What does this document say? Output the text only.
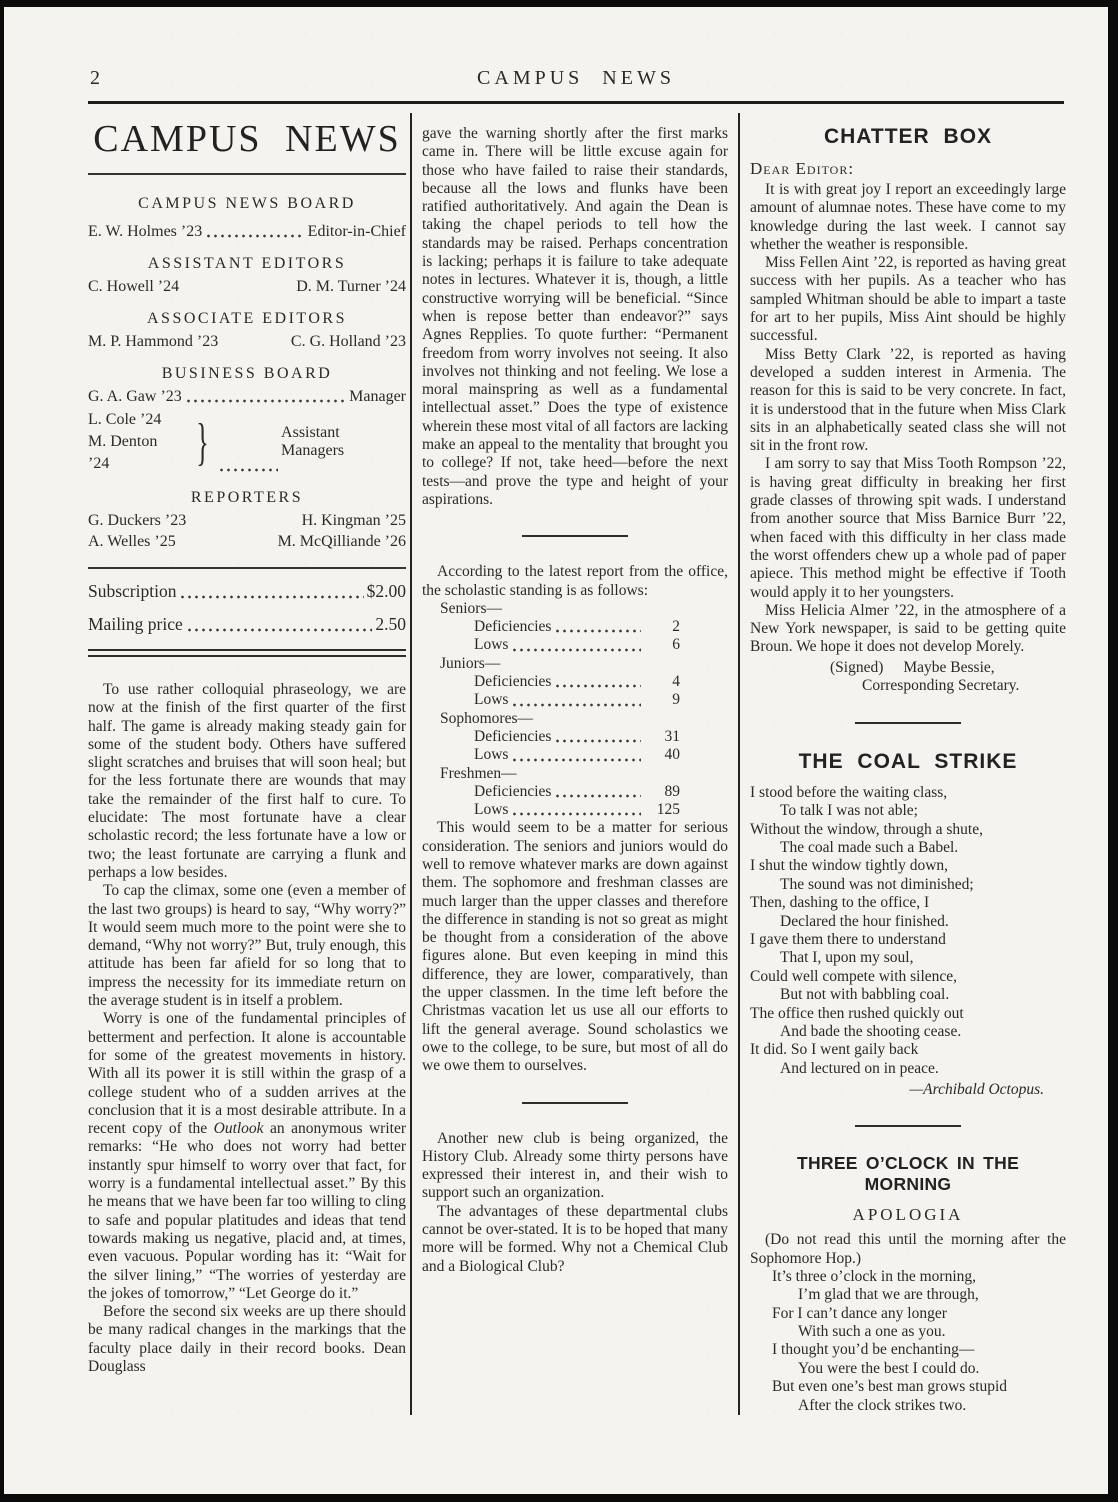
2	CAMPUS NEWS
CAMPUS NEWS
CAMPUS NEWS BOARD
E. W. Holmes ’23	Editor-in-Chief
ASSISTANT EDITORS
C. Howell ’24	D. M. Turner ’24
ASSOCIATE EDITORS
M. P. Hammond ’23	C. G. Holland ’23
BUSINESS BOARD
G. A. Gaw ’23	Manager
L. Cole ’24
M. Denton ’24	}	Assistant Managers
REPORTERS
G. Duckers ’23	H. Kingman ’25
A. Welles ’25	M. McQilliande ’26
Subscription	$2.00
Mailing price	2.50

To use rather colloquial phraseology, we are now at the finish of the first quarter of the first half. The game is already making steady gain for some of the student body. Others have suffered slight scratches and bruises that will soon heal; but for the less fortunate there are wounds that may take the remainder of the first half to cure. To elucidate: The most fortunate have a clear scholastic record; the less fortunate have a low or two; the least fortunate are carrying a flunk and perhaps a low besides.

To cap the climax, some one (even a member of the last two groups) is heard to say, “Why worry?” It would seem much more to the point were she to demand, “Why not worry?” But, truly enough, this attitude has been far afield for so long that to impress the necessity for its immediate return on the average student is in itself a problem.

Worry is one of the fundamental principles of betterment and perfection. It alone is accountable for some of the greatest movements in history. With all its power it is still within the grasp of a college student who of a sudden arrives at the conclusion that it is a most desirable attribute. In a recent copy of the Outlook an anonymous writer remarks: “He who does not worry had better instantly spur himself to worry over that fact, for worry is a fundamental intellectual asset.” By this he means that we have been far too willing to cling to safe and popular platitudes and ideas that tend towards making us negative, placid and, at times, even vacuous. Popular wording has it: “Wait for the silver lining,” “The worries of yesterday are the jokes of tomorrow,” “Let George do it.”

Before the second six weeks are up there should be many radical changes in the markings that the faculty place daily in their record books. Dean Douglass

gave the warning shortly after the first marks came in. There will be little excuse again for those who have failed to raise their standards, because all the lows and flunks have been ratified authoritatively. And again the Dean is taking the chapel periods to tell how the standards may be raised. Perhaps concentration is lacking; perhaps it is failure to take adequate notes in lectures. Whatever it is, though, a little constructive worrying will be beneficial. “Since when is repose better than endeavor?” says Agnes Repplies. To quote further: “Permanent freedom from worry involves not seeing. It also involves not thinking and not feeling. We lose a moral mainspring as well as a fundamental intellectual asset.” Does the type of existence wherein these most vital of all factors are lacking make an appeal to the mentality that brought you to college? If not, take heed—before the next tests—and prove the type and height of your aspirations.

According to the latest report from the office, the scholastic standing is as follows:

Seniors—
Deficiencies	2
Lows	6
Juniors—
Deficiencies	4
Lows	9
Sophomores—
Deficiencies	31
Lows	40
Freshmen—
Deficiencies	89
Lows	125

This would seem to be a matter for serious consideration. The seniors and juniors would do well to remove whatever marks are down against them. The sophomore and freshman classes are much larger than the upper classes and therefore the difference in standing is not so great as might be thought from a consideration of the above figures alone. But even keeping in mind this difference, they are lower, comparatively, than the upper classmen. In the time left before the Christmas vacation let us use all our efforts to lift the general average. Sound scholastics we owe to the college, to be sure, but most of all do we owe them to ourselves.

Another new club is being organized, the History Club. Already some thirty persons have expressed their interest in, and their wish to support such an organization.

The advantages of these departmental clubs cannot be over-stated. It is to be hoped that many more will be formed. Why not a Chemical Club and a Biological Club?

CHATTER BOX
Dear Editor:

It is with great joy I report an exceedingly large amount of alumnae notes. These have come to my knowledge during the last week. I cannot say whether the weather is responsible.

Miss Fellen Aint ’22, is reported as having great success with her pupils. As a teacher who has sampled Whitman should be able to impart a taste for art to her pupils, Miss Aint should be highly successful.

Miss Betty Clark ’22, is reported as having developed a sudden interest in Armenia. The reason for this is said to be very concrete. In fact, it is understood that in the future when Miss Clark sits in an alphabetically seated class she will not sit in the front row.

I am sorry to say that Miss Tooth Rompson ’22, is having great difficulty in breaking her first grade classes of throwing spit wads. I understand from another source that Miss Barnice Burr ’22, when faced with this difficulty in her class made the worst offenders chew up a whole pad of paper apiece. This method might be effective if Tooth would apply it to her youngsters.

Miss Helicia Almer ’22, in the atmosphere of a New York newspaper, is said to be getting quite Broun. We hope it does not develop Morely.

(Signed) Maybe Bessie,
Corresponding Secretary.
THE COAL STRIKE
I stood before the waiting class,
To talk I was not able;
Without the window, through a shute,
The coal made such a Babel.
I shut the window tightly down,
The sound was not diminished;
Then, dashing to the office, I
Declared the hour finished.
I gave them there to understand
That I, upon my soul,
Could well compete with silence,
But not with babbling coal.
The office then rushed quickly out
And bade the shooting cease.
It did. So I went gaily back
And lectured on in peace.
—Archibald Octopus.
THREE O’CLOCK IN THE MORNING
APOLOGIA

(Do not read this until the morning after the Sophomore Hop.)

It’s three o’clock in the morning,
I’m glad that we are through,
For I can’t dance any longer
With such a one as you.
I thought you’d be enchanting—
You were the best I could do.
But even one’s best man grows stupid
After the clock strikes two.
